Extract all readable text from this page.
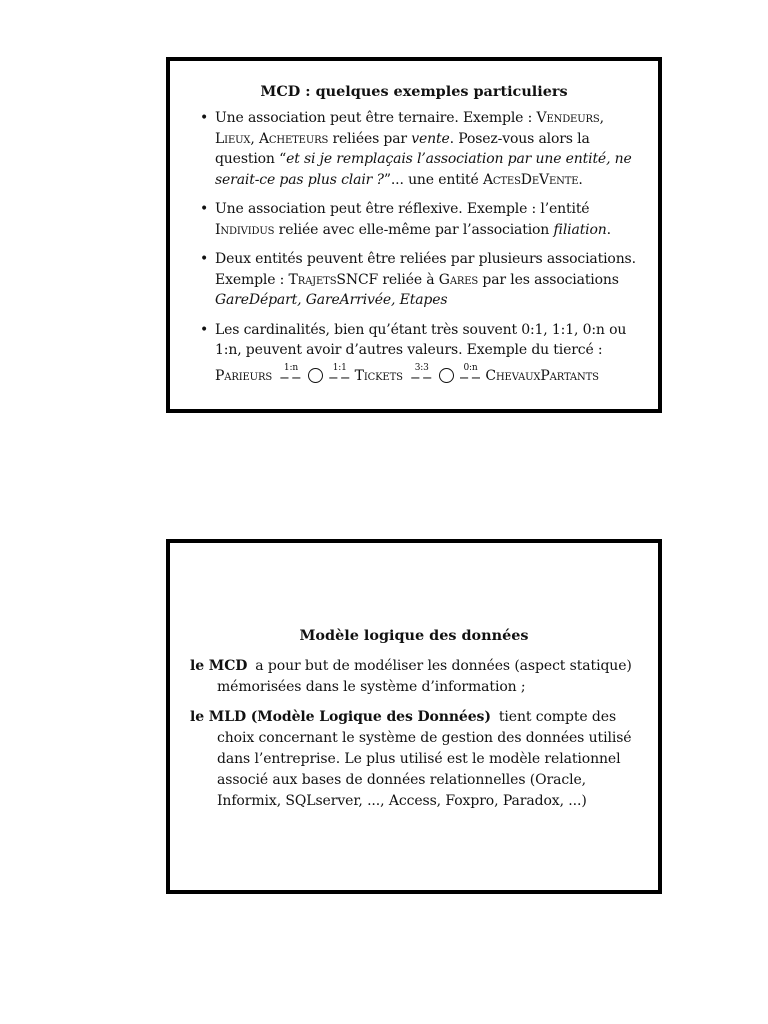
MCD : quelques exemples particuliers
• Une association peut être ternaire. Exemple : Vendeurs, Lieux, Acheteurs reliées par vente. Posez-vous alors la question “et si je remplaçais l’association par une entité, ne serait-ce pas plus clair ?”... une entité ActesDeVente.
• Une association peut être réflexive. Exemple : l’entité Individus reliée avec elle-même par l’association filiation.
• Deux entités peuvent être reliées par plusieurs associations. Exemple : TrajetsSNCF reliée à Gares par les associations GareDépart, GareArrivée, Etapes
• Les cardinalités, bien qu’étant très souvent 0:1, 1:1, 0:n ou 1:n, peuvent avoir d’autres valeurs. Exemple du tiercé :
Parieurs
1:n
−−
1:1
−− Tickets
3:3
−−
0:n
−− ChevauxPartants
Modèle logique des données
le MCD a pour but de modéliser les données (aspect statique) mémorisées dans le système d’information ;
le MLD (Modèle Logique des Données) tient compte des choix concernant le système de gestion des données utilisé dans l’entreprise. Le plus utilisé est le modèle relationnel associé aux bases de données relationnelles (Oracle, Informix, SQLserver, ..., Access, Foxpro, Paradox, ...)
